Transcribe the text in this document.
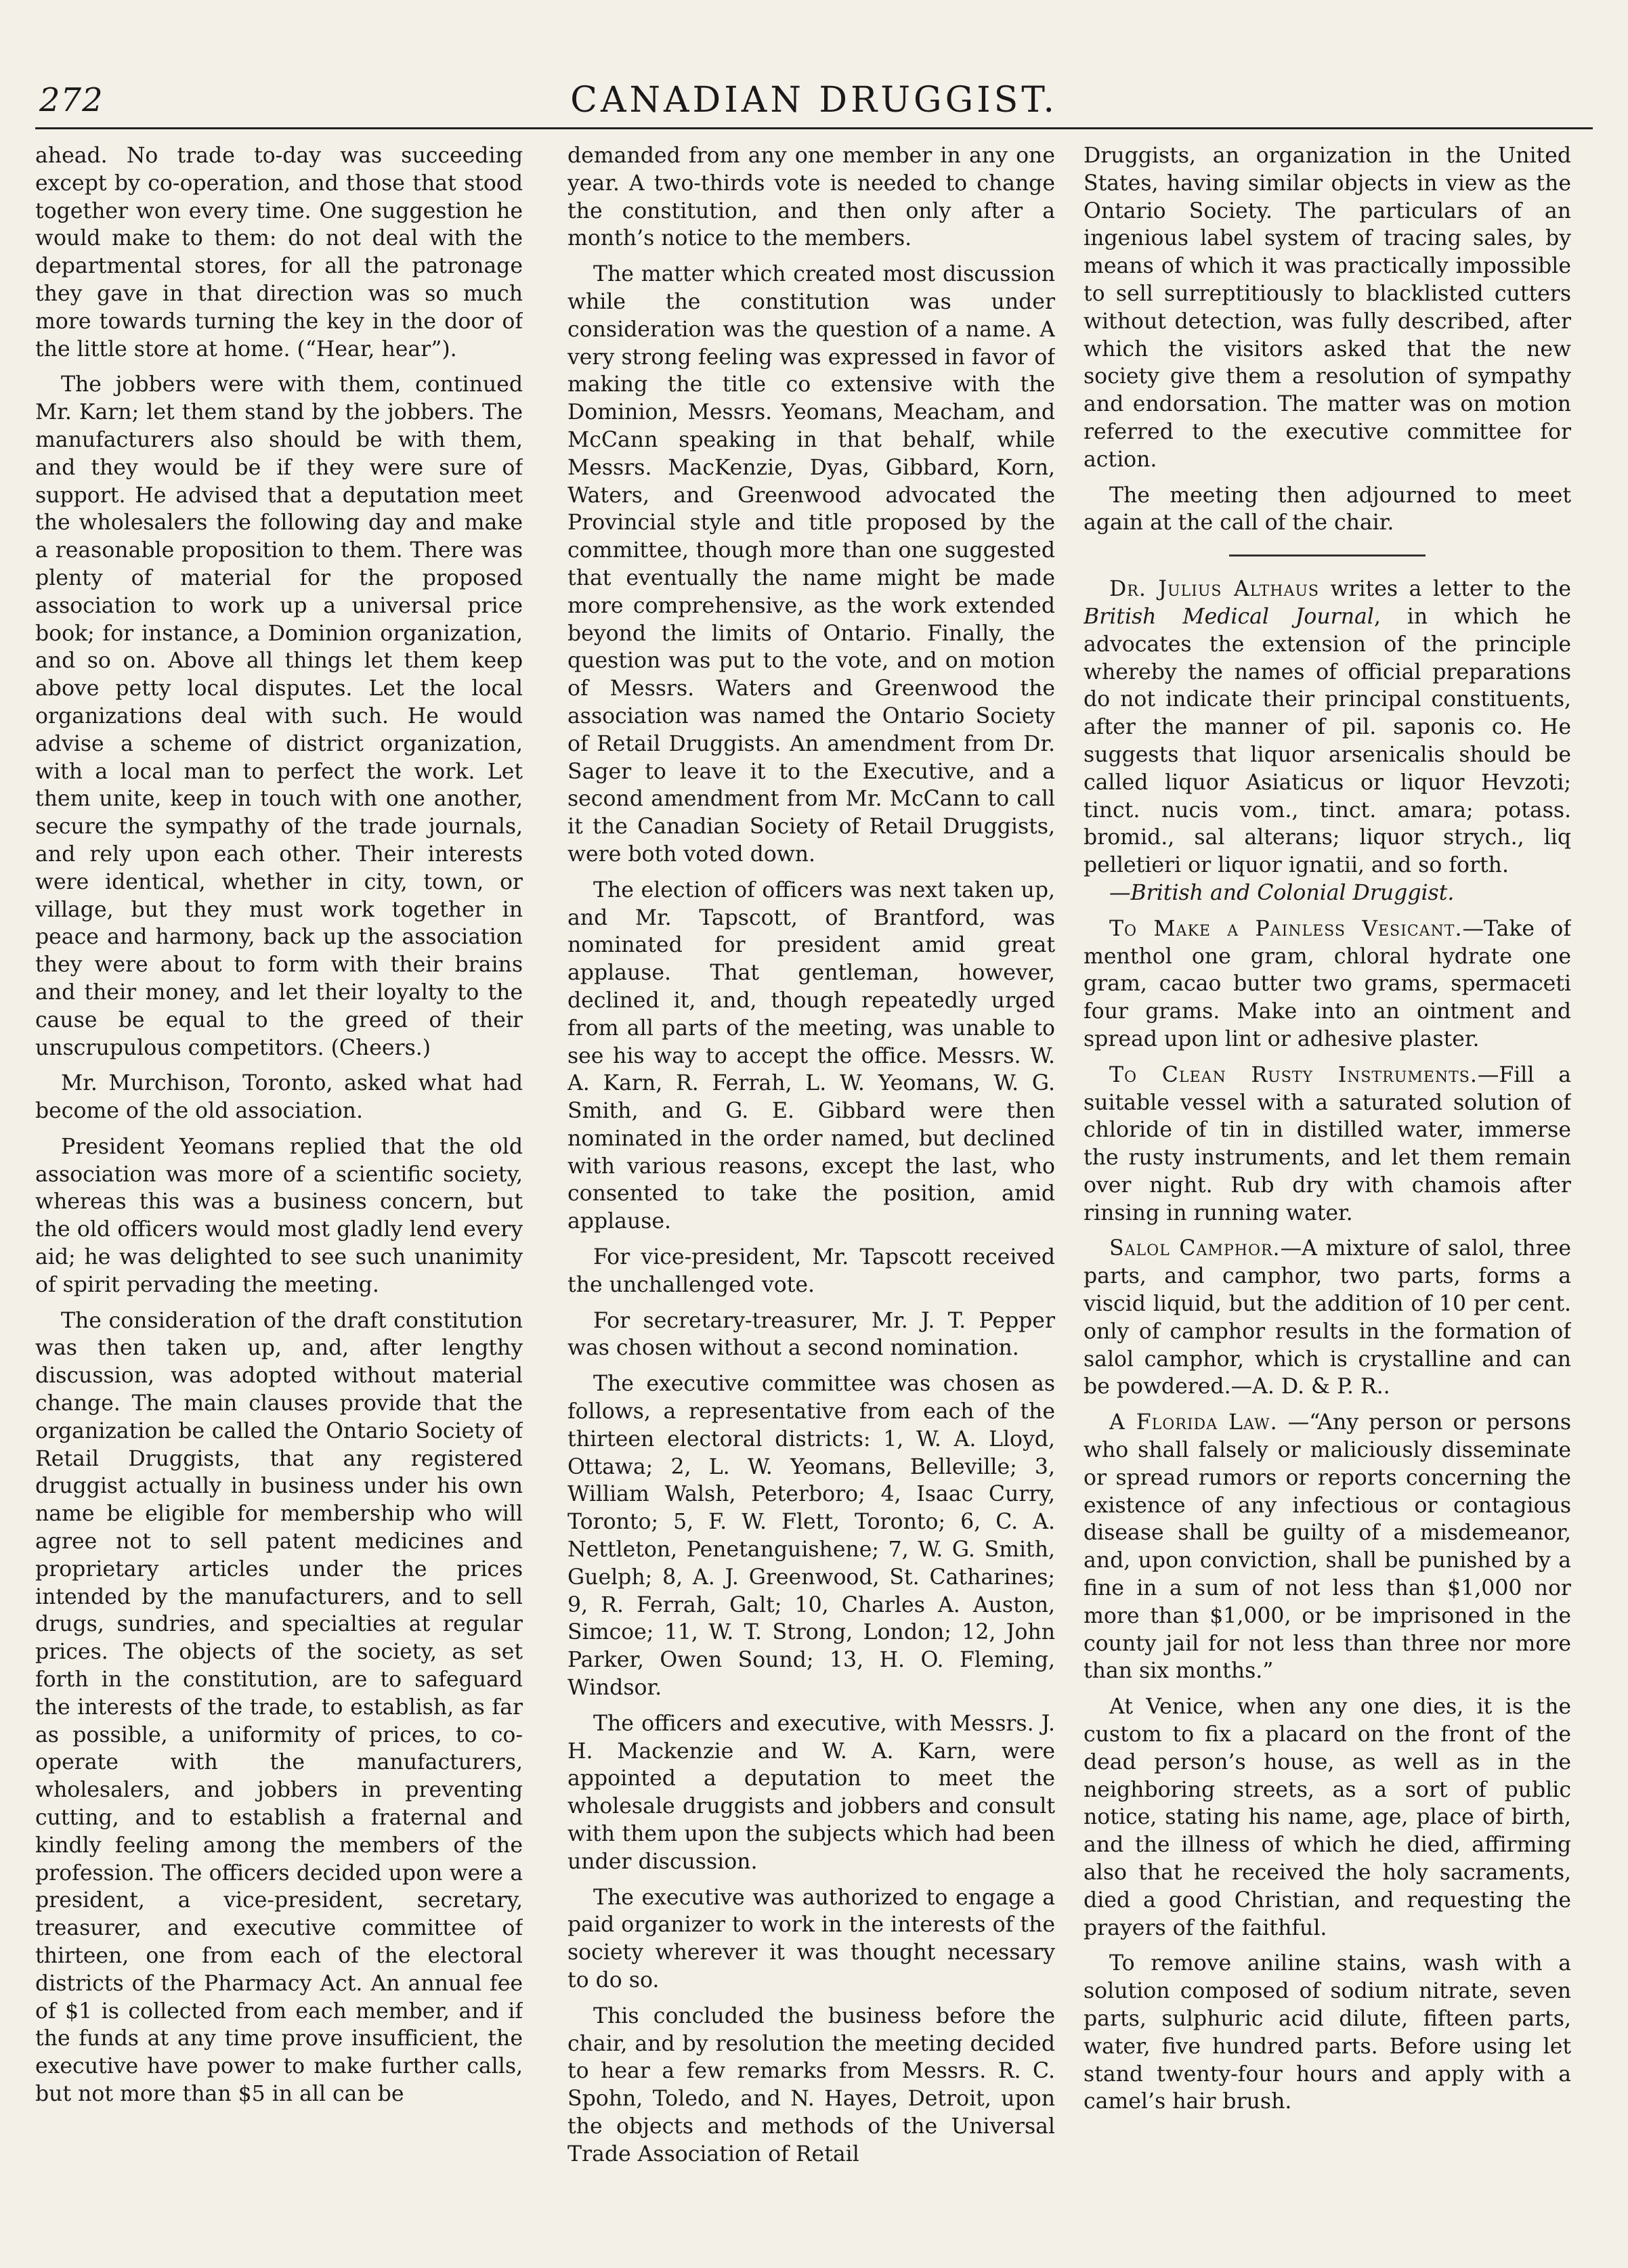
272	CANADIAN DRUGGIST.

ahead. No trade to-day was succeeding except by co-operation, and those that stood together won every time. One suggestion he would make to them: do not deal with the departmental stores, for all the patronage they gave in that direction was so much more towards turning the key in the door of the little store at home. (“Hear, hear”).

The jobbers were with them, continued Mr. Karn; let them stand by the jobbers. The manufacturers also should be with them, and they would be if they were sure of support. He advised that a deputation meet the wholesalers the following day and make a reasonable proposition to them. There was plenty of material for the proposed association to work up a universal price book; for instance, a Dominion organization, and so on. Above all things let them keep above petty local disputes. Let the local organizations deal with such. He would advise a scheme of district organization, with a local man to perfect the work. Let them unite, keep in touch with one another, secure the sympathy of the trade journals, and rely upon each other. Their interests were identical, whether in city, town, or village, but they must work together in peace and harmony, back up the association they were about to form with their brains and their money, and let their loyalty to the cause be equal to the greed of their unscrupulous competitors. (Cheers.)

Mr. Murchison, Toronto, asked what had become of the old association.

President Yeomans replied that the old association was more of a scientific society, whereas this was a business concern, but the old officers would most gladly lend every aid; he was delighted to see such unanimity of spirit pervading the meeting.

The consideration of the draft constitution was then taken up, and, after lengthy discussion, was adopted without material change. The main clauses provide that the organization be called the Ontario Society of Retail Druggists, that any registered druggist actually in business under his own name be eligible for membership who will agree not to sell patent medicines and proprietary articles under the prices intended by the manufacturers, and to sell drugs, sundries, and specialties at regular prices. The objects of the society, as set forth in the constitution, are to safeguard the interests of the trade, to establish, as far as possible, a uniformity of prices, to co-operate with the manufacturers, wholesalers, and jobbers in preventing cutting, and to establish a fraternal and kindly feeling among the members of the profession. The officers decided upon were a president, a vice-president, secretary, treasurer, and executive committee of thirteen, one from each of the electoral districts of the Pharmacy Act. An annual fee of $1 is collected from each member, and if the funds at any time prove insufficient, the executive have power to make further calls, but not more than $5 in all can be

demanded from any one member in any one year. A two-thirds vote is needed to change the constitution, and then only after a month’s notice to the members.

The matter which created most discussion while the constitution was under consideration was the question of a name. A very strong feeling was expressed in favor of making the title co extensive with the Dominion, Messrs. Yeomans, Meacham, and McCann speaking in that behalf, while Messrs. MacKenzie, Dyas, Gibbard, Korn, Waters, and Greenwood advocated the Provincial style and title proposed by the committee, though more than one suggested that eventually the name might be made more comprehensive, as the work extended beyond the limits of Ontario. Finally, the question was put to the vote, and on motion of Messrs. Waters and Greenwood the association was named the Ontario Society of Retail Druggists. An amendment from Dr. Sager to leave it to the Executive, and a second amendment from Mr. McCann to call it the Canadian Society of Retail Druggists, were both voted down.

The election of officers was next taken up, and Mr. Tapscott, of Brantford, was nominated for president amid great applause. That gentleman, however, declined it, and, though repeatedly urged from all parts of the meeting, was unable to see his way to accept the office. Messrs. W. A. Karn, R. Ferrah, L. W. Yeomans, W. G. Smith, and G. E. Gibbard were then nominated in the order named, but declined with various reasons, except the last, who consented to take the position, amid applause.

For vice-president, Mr. Tapscott received the unchallenged vote.

For secretary-treasurer, Mr. J. T. Pepper was chosen without a second nomination.

The executive committee was chosen as follows, a representative from each of the thirteen electoral districts: 1, W. A. Lloyd, Ottawa; 2, L. W. Yeomans, Belleville; 3, William Walsh, Peterboro; 4, Isaac Curry, Toronto; 5, F. W. Flett, Toronto; 6, C. A. Nettleton, Penetanguishene; 7, W. G. Smith, Guelph; 8, A. J. Greenwood, St. Catharines; 9, R. Ferrah, Galt; 10, Charles A. Auston, Simcoe; 11, W. T. Strong, London; 12, John Parker, Owen Sound; 13, H. O. Fleming, Windsor.

The officers and executive, with Messrs. J. H. Mackenzie and W. A. Karn, were appointed a deputation to meet the wholesale druggists and jobbers and consult with them upon the subjects which had been under discussion.

The executive was authorized to engage a paid organizer to work in the interests of the society wherever it was thought necessary to do so.

This concluded the business before the chair, and by resolution the meeting decided to hear a few remarks from Messrs. R. C. Spohn, Toledo, and N. Hayes, Detroit, upon the objects and methods of the Universal Trade Association of Retail

Druggists, an organization in the United States, having similar objects in view as the Ontario Society. The particulars of an ingenious label system of tracing sales, by means of which it was practically impossible to sell surreptitiously to blacklisted cutters without detection, was fully described, after which the visitors asked that the new society give them a resolution of sympathy and endorsation. The matter was on motion referred to the executive committee for action.

The meeting then adjourned to meet again at the call of the chair.

Dr. Julius Althaus writes a letter to the British Medical Journal, in which he advocates the extension of the principle whereby the names of official preparations do not indicate their principal constituents, after the manner of pil. saponis co. He suggests that liquor arsenicalis should be called liquor Asiaticus or liquor Hevzoti; tinct. nucis vom., tinct. amara; potass. bromid., sal alterans; liquor strych., liq pelletieri or liquor ignatii, and so forth.
—British and Colonial Druggist.

To Make a Painless Vesicant.—Take of menthol one gram, chloral hydrate one gram, cacao butter two grams, spermaceti four grams. Make into an ointment and spread upon lint or adhesive plaster.

To Clean Rusty Instruments.—Fill a suitable vessel with a saturated solution of chloride of tin in distilled water, immerse the rusty instruments, and let them remain over night. Rub dry with chamois after rinsing in running water.

Salol Camphor.—A mixture of salol, three parts, and camphor, two parts, forms a viscid liquid, but the addition of 10 per cent. only of camphor results in the formation of salol camphor, which is crystalline and can be powdered.—A. D. & P. R..

A Florida Law. —“Any person or persons who shall falsely or maliciously disseminate or spread rumors or reports concerning the existence of any infectious or contagious disease shall be guilty of a misdemeanor, and, upon conviction, shall be punished by a fine in a sum of not less than $1,000 nor more than $1,000, or be imprisoned in the county jail for not less than three nor more than six months.”

At Venice, when any one dies, it is the custom to fix a placard on the front of the dead person’s house, as well as in the neighboring streets, as a sort of public notice, stating his name, age, place of birth, and the illness of which he died, affirming also that he received the holy sacraments, died a good Christian, and requesting the prayers of the faithful.

To remove aniline stains, wash with a solution composed of sodium nitrate, seven parts, sulphuric acid dilute, fifteen parts, water, five hundred parts. Before using let stand twenty-four hours and apply with a camel’s hair brush.
